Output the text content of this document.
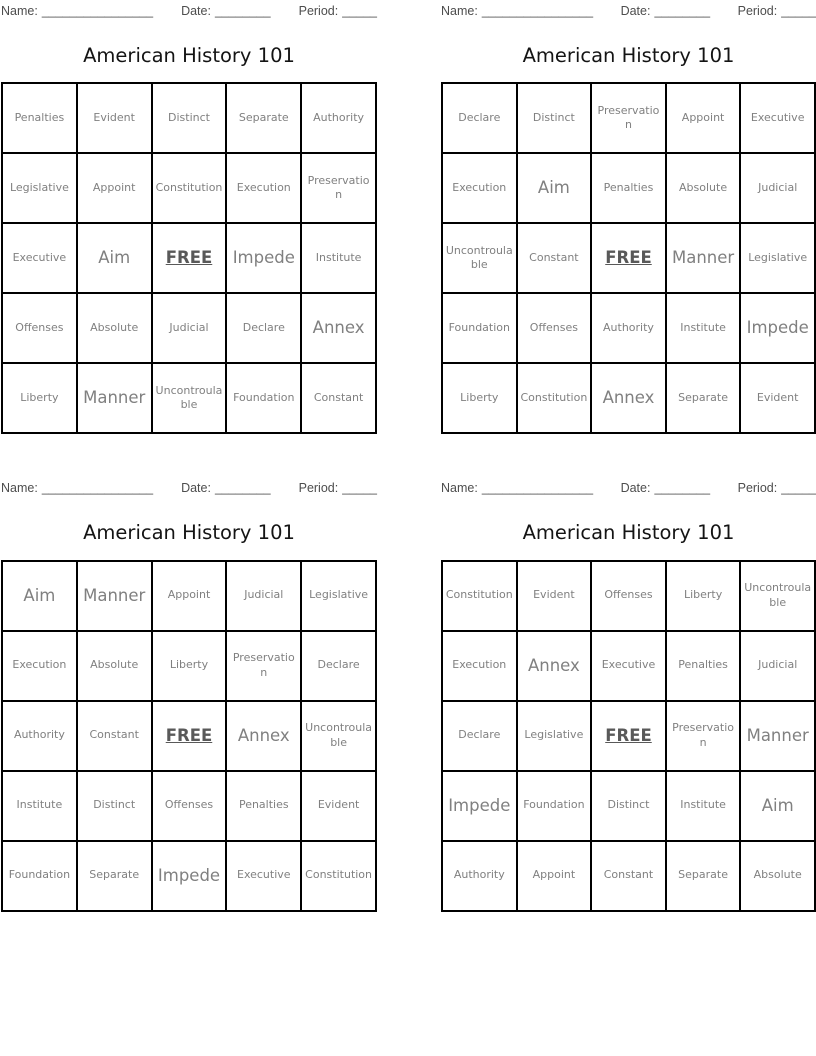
Name: ________________ Date: ________ Period: _____
American History 101
Penalties	Evident	Distinct	Separate	Authority
Legislative	Appoint	Constitution	Execution	Preservation
Executive	Aim	FREE	Impede	Institute
Offenses	Absolute	Judicial	Declare	Annex
Liberty	Manner	Uncontroulable	Foundation	Constant
Name: ________________ Date: ________ Period: _____
American History 101
Declare	Distinct	Preservation	Appoint	Executive
Execution	Aim	Penalties	Absolute	Judicial
Uncontroulable	Constant	FREE	Manner	Legislative
Foundation	Offenses	Authority	Institute	Impede
Liberty	Constitution	Annex	Separate	Evident
Name: ________________ Date: ________ Period: _____
American History 101
Aim	Manner	Appoint	Judicial	Legislative
Execution	Absolute	Liberty	Preservation	Declare
Authority	Constant	FREE	Annex	Uncontroulable
Institute	Distinct	Offenses	Penalties	Evident
Foundation	Separate	Impede	Executive	Constitution
Name: ________________ Date: ________ Period: _____
American History 101
Constitution	Evident	Offenses	Liberty	Uncontroulable
Execution	Annex	Executive	Penalties	Judicial
Declare	Legislative	FREE	Preservation	Manner
Impede	Foundation	Distinct	Institute	Aim
Authority	Appoint	Constant	Separate	Absolute
